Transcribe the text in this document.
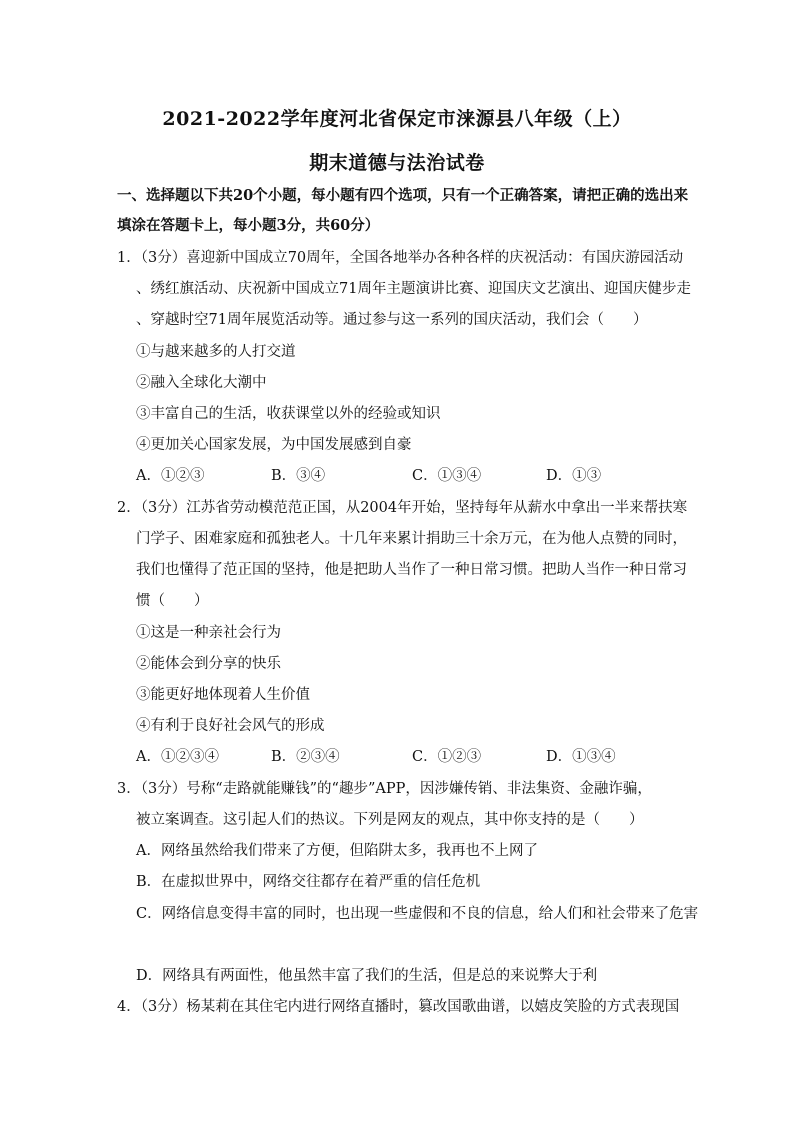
2021-2022学年度河北省保定市涞源县八年级（上）
期末道德与法治试卷
一、选择题以下共20个小题，每小题有四个选项，只有一个正确答案，请把正确的选出来
填涂在答题卡上，每小题3分，共60分）
1．（3分）喜迎新中国成立70周年，全国各地举办各种各样的庆祝活动：有国庆游园活动
、绣红旗活动、庆祝新中国成立71周年主题演讲比赛、迎国庆文艺演出、迎国庆健步走
、穿越时空71周年展览活动等。通过参与这一系列的国庆活动，我们会（　　）
①与越来越多的人打交道
②融入全球化大潮中
③丰富自己的生活，收获课堂以外的经验或知识
④更加关心国家发展，为中国发展感到自豪
A．①②③	B．③④	C．①③④	D．①③
2．（3分）江苏省劳动模范范正国，从2004年开始，坚持每年从薪水中拿出一半来帮扶寒
门学子、困难家庭和孤独老人。十几年来累计捐助三十余万元，在为他人点赞的同时，
我们也懂得了范正国的坚持，他是把助人当作了一种日常习惯。把助人当作一种日常习
惯（　　）
①这是一种亲社会行为
②能体会到分享的快乐
③能更好地体现着人生价值
④有利于良好社会风气的形成
A．①②③④	B．②③④	C．①②③	D．①③④
3．（3分）号称“走路就能赚钱”的“趣步”APP，因涉嫌传销、非法集资、金融诈骗，
被立案调查。这引起人们的热议。下列是网友的观点，其中你支持的是（　　）
A．网络虽然给我们带来了方便，但陷阱太多，我再也不上网了
B．在虚拟世界中，网络交往都存在着严重的信任危机
C．网络信息变得丰富的同时，也出现一些虚假和不良的信息，给人们和社会带来了危害
D．网络具有两面性，他虽然丰富了我们的生活，但是总的来说弊大于利
4．（3分）杨某莉在其住宅内进行网络直播时，篡改国歌曲谱，以嬉皮笑脸的方式表现国
